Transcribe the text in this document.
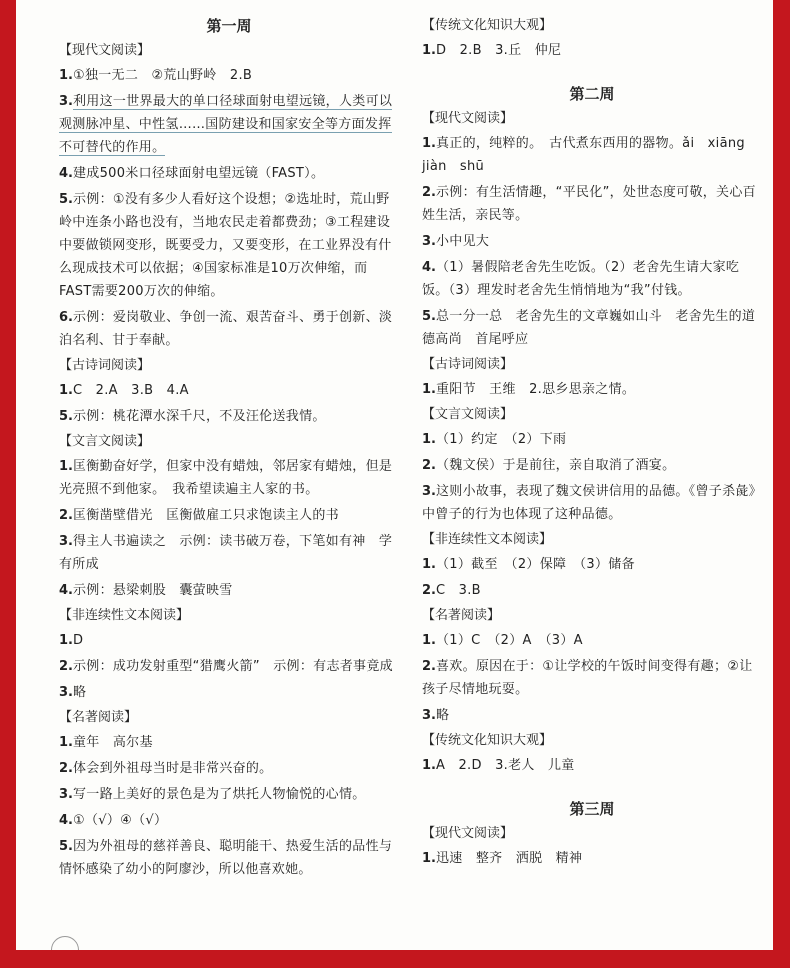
第一周
【现代文阅读】
1.①独一无二　②荒山野岭　2.B
3.利用这一世界最大的单口径球面射电望远镜，人类可以观测脉冲星、中性氢……国防建设和国家安全等方面发挥不可替代的作用。
4.建成500米口径球面射电望远镜（FAST）。
5.示例：①没有多少人看好这个设想；②选址时，荒山野岭中连条小路也没有，当地农民走着都费劲；③工程建设中要做锁网变形，既要受力，又要变形，在工业界没有什么现成技术可以依据；④国家标准是10万次伸缩，而FAST需要200万次的伸缩。
6.示例：爱岗敬业、争创一流、艰苦奋斗、勇于创新、淡泊名利、甘于奉献。
【古诗词阅读】
1.C　2.A　3.B　4.A
5.示例：桃花潭水深千尺，不及汪伦送我情。
【文言文阅读】
1.匡衡勤奋好学，但家中没有蜡烛，邻居家有蜡烛，但是光亮照不到他家。　我希望读遍主人家的书。
2.匡衡凿壁借光　匡衡做雇工只求饱读主人的书
3.得主人书遍读之　示例：读书破万卷，下笔如有神　学有所成
4.示例：悬梁刺股　囊萤映雪
【非连续性文本阅读】
1.D
2.示例：成功发射重型“猎鹰火箭”　示例：有志者事竟成
3.略
【名著阅读】
1.童年　高尔基
2.体会到外祖母当时是非常兴奋的。
3.写一路上美好的景色是为了烘托人物愉悦的心情。
4.①（√）④（√）
5.因为外祖母的慈祥善良、聪明能干、热爱生活的品性与情怀感染了幼小的阿廖沙，所以他喜欢她。
【传统文化知识大观】
1.D　2.B　3.丘　仲尼
第二周
【现代文阅读】
1.真正的，纯粹的。　古代煮东西用的器物。ǎi　xiāng　jiàn　shū
2.示例：有生活情趣，“平民化”，处世态度可敬，关心百姓生活，亲民等。
3.小中见大
4.（1）暑假陪老舍先生吃饭。（2）老舍先生请大家吃饭。（3）理发时老舍先生悄悄地为“我”付钱。
5.总一分一总　老舍先生的文章巍如山斗　老舍先生的道德高尚　首尾呼应
【古诗词阅读】
1.重阳节　王维　2.思乡思亲之情。
【文言文阅读】
1.（1）约定　（2）下雨
2.（魏文侯）于是前往，亲自取消了酒宴。
3.这则小故事，表现了魏文侯讲信用的品德。《曾子杀彘》中曾子的行为也体现了这种品德。
【非连续性文本阅读】
1.（1）截至　（2）保障　（3）储备
2.C　3.B
【名著阅读】
1.（1）C　（2）A　（3）A
2.喜欢。原因在于：①让学校的午饭时间变得有趣；②让孩子尽情地玩耍。
3.略
【传统文化知识大观】
1.A　2.D　3.老人　儿童
第三周
【现代文阅读】
1.迅速　整齐　洒脱　精神
